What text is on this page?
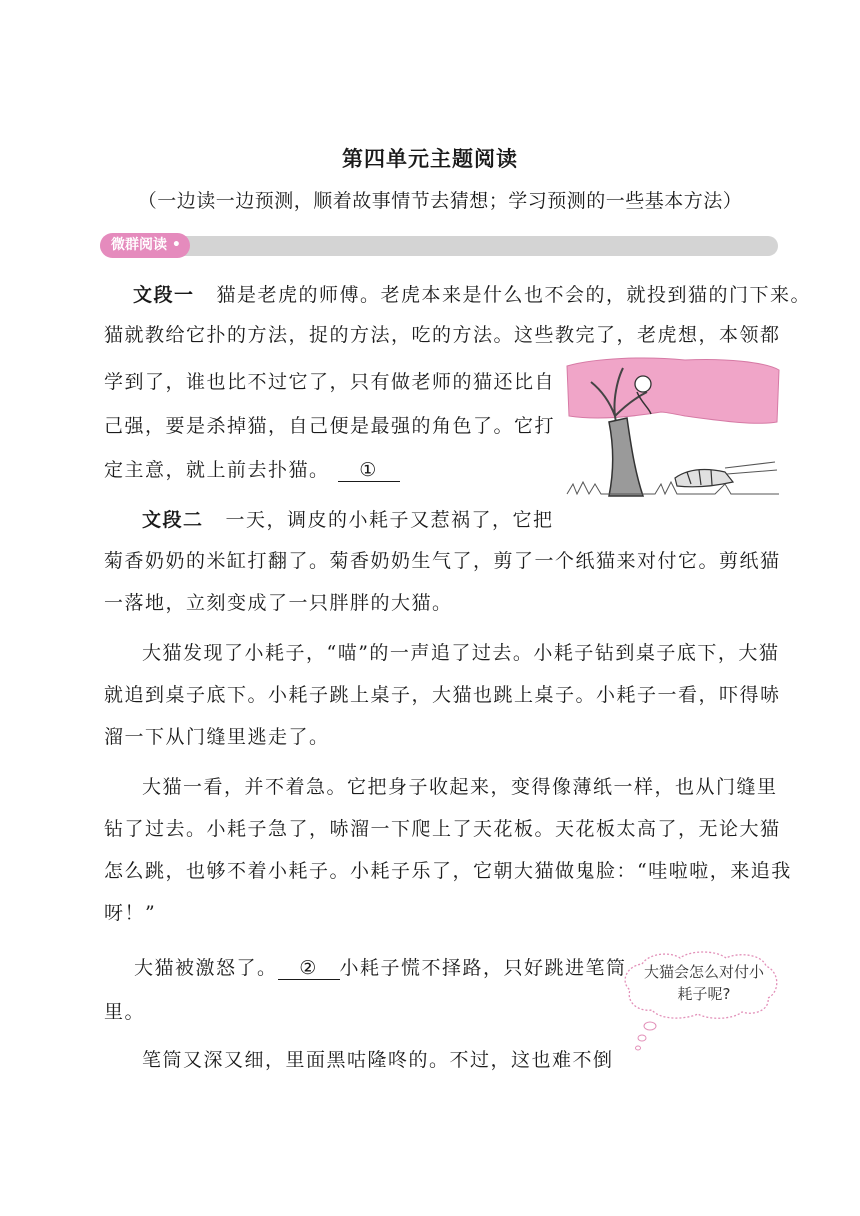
第四单元主题阅读
（一边读一边预测，顺着故事情节去猜想；学习预测的一些基本方法）
微群阅读 •
文段一 猫是老虎的师傅。老虎本来是什么也不会的，就投到猫的门下来。
猫就教给它扑的方法，捉的方法，吃的方法。这些教完了，老虎想，本领都
学到了，谁也比不过它了，只有做老师的猫还比自
己强，要是杀掉猫，自己便是最强的角色了。它打
定主意，就上前去扑猫。 ①
文段二 一天，调皮的小耗子又惹祸了，它把
菊香奶奶的米缸打翻了。菊香奶奶生气了，剪了一个纸猫来对付它。剪纸猫
一落地，立刻变成了一只胖胖的大猫。
大猫发现了小耗子，“喵”的一声追了过去。小耗子钻到桌子底下，大猫
就追到桌子底下。小耗子跳上桌子，大猫也跳上桌子。小耗子一看，吓得哧
溜一下从门缝里逃走了。
大猫一看，并不着急。它把身子收起来，变得像薄纸一样，也从门缝里
钻了过去。小耗子急了，哧溜一下爬上了天花板。天花板太高了，无论大猫
怎么跳，也够不着小耗子。小耗子乐了，它朝大猫做鬼脸：“哇啦啦，来追我
呀！”
大猫被激怒了。 ② 小耗子慌不择路，只好跳进笔筒
里。
笔筒又深又细，里面黑咕隆咚的。不过，这也难不倒
大猫会怎么对付小耗子呢?
